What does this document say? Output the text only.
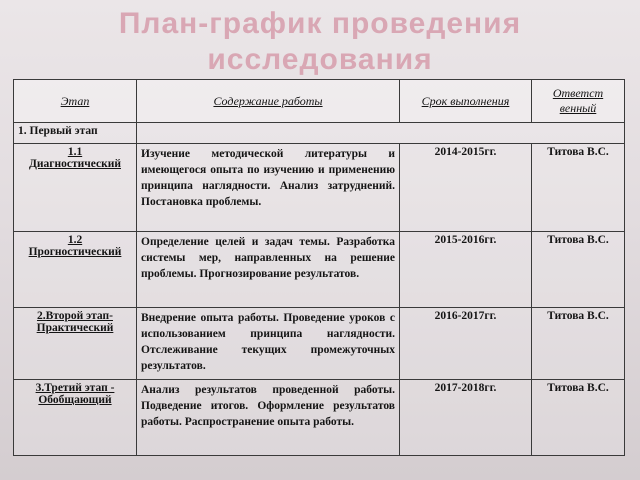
План-график проведения
исследования
Этап	Содержание работы	Срок выполнения	Ответст
венный

1. Первый этап			

1.1
Диагностический	Изучение методической литературы и имеющегося опыта по изучению и применению принципа наглядности. Анализ затруднений. Постановка проблемы.	2014-2015гг.	Титова В.С.

1.2
Прогностический	Определение целей и задач темы. Разработка системы мер, направленных на решение проблемы. Прогнозирование результатов.	2015-2016гг.	Титова В.С.

2.Второй этап-
Практический	Внедрение опыта работы. Проведение уроков с использованием принципа наглядности. Отслеживание текущих промежуточных результатов.	2016-2017гг.	Титова В.С.

3.Третий этап -
Обобщающий	Анализ результатов проведенной работы. Подведение итогов. Оформление результатов работы. Распространение опыта работы.	2017-2018гг.	Титова В.С.
